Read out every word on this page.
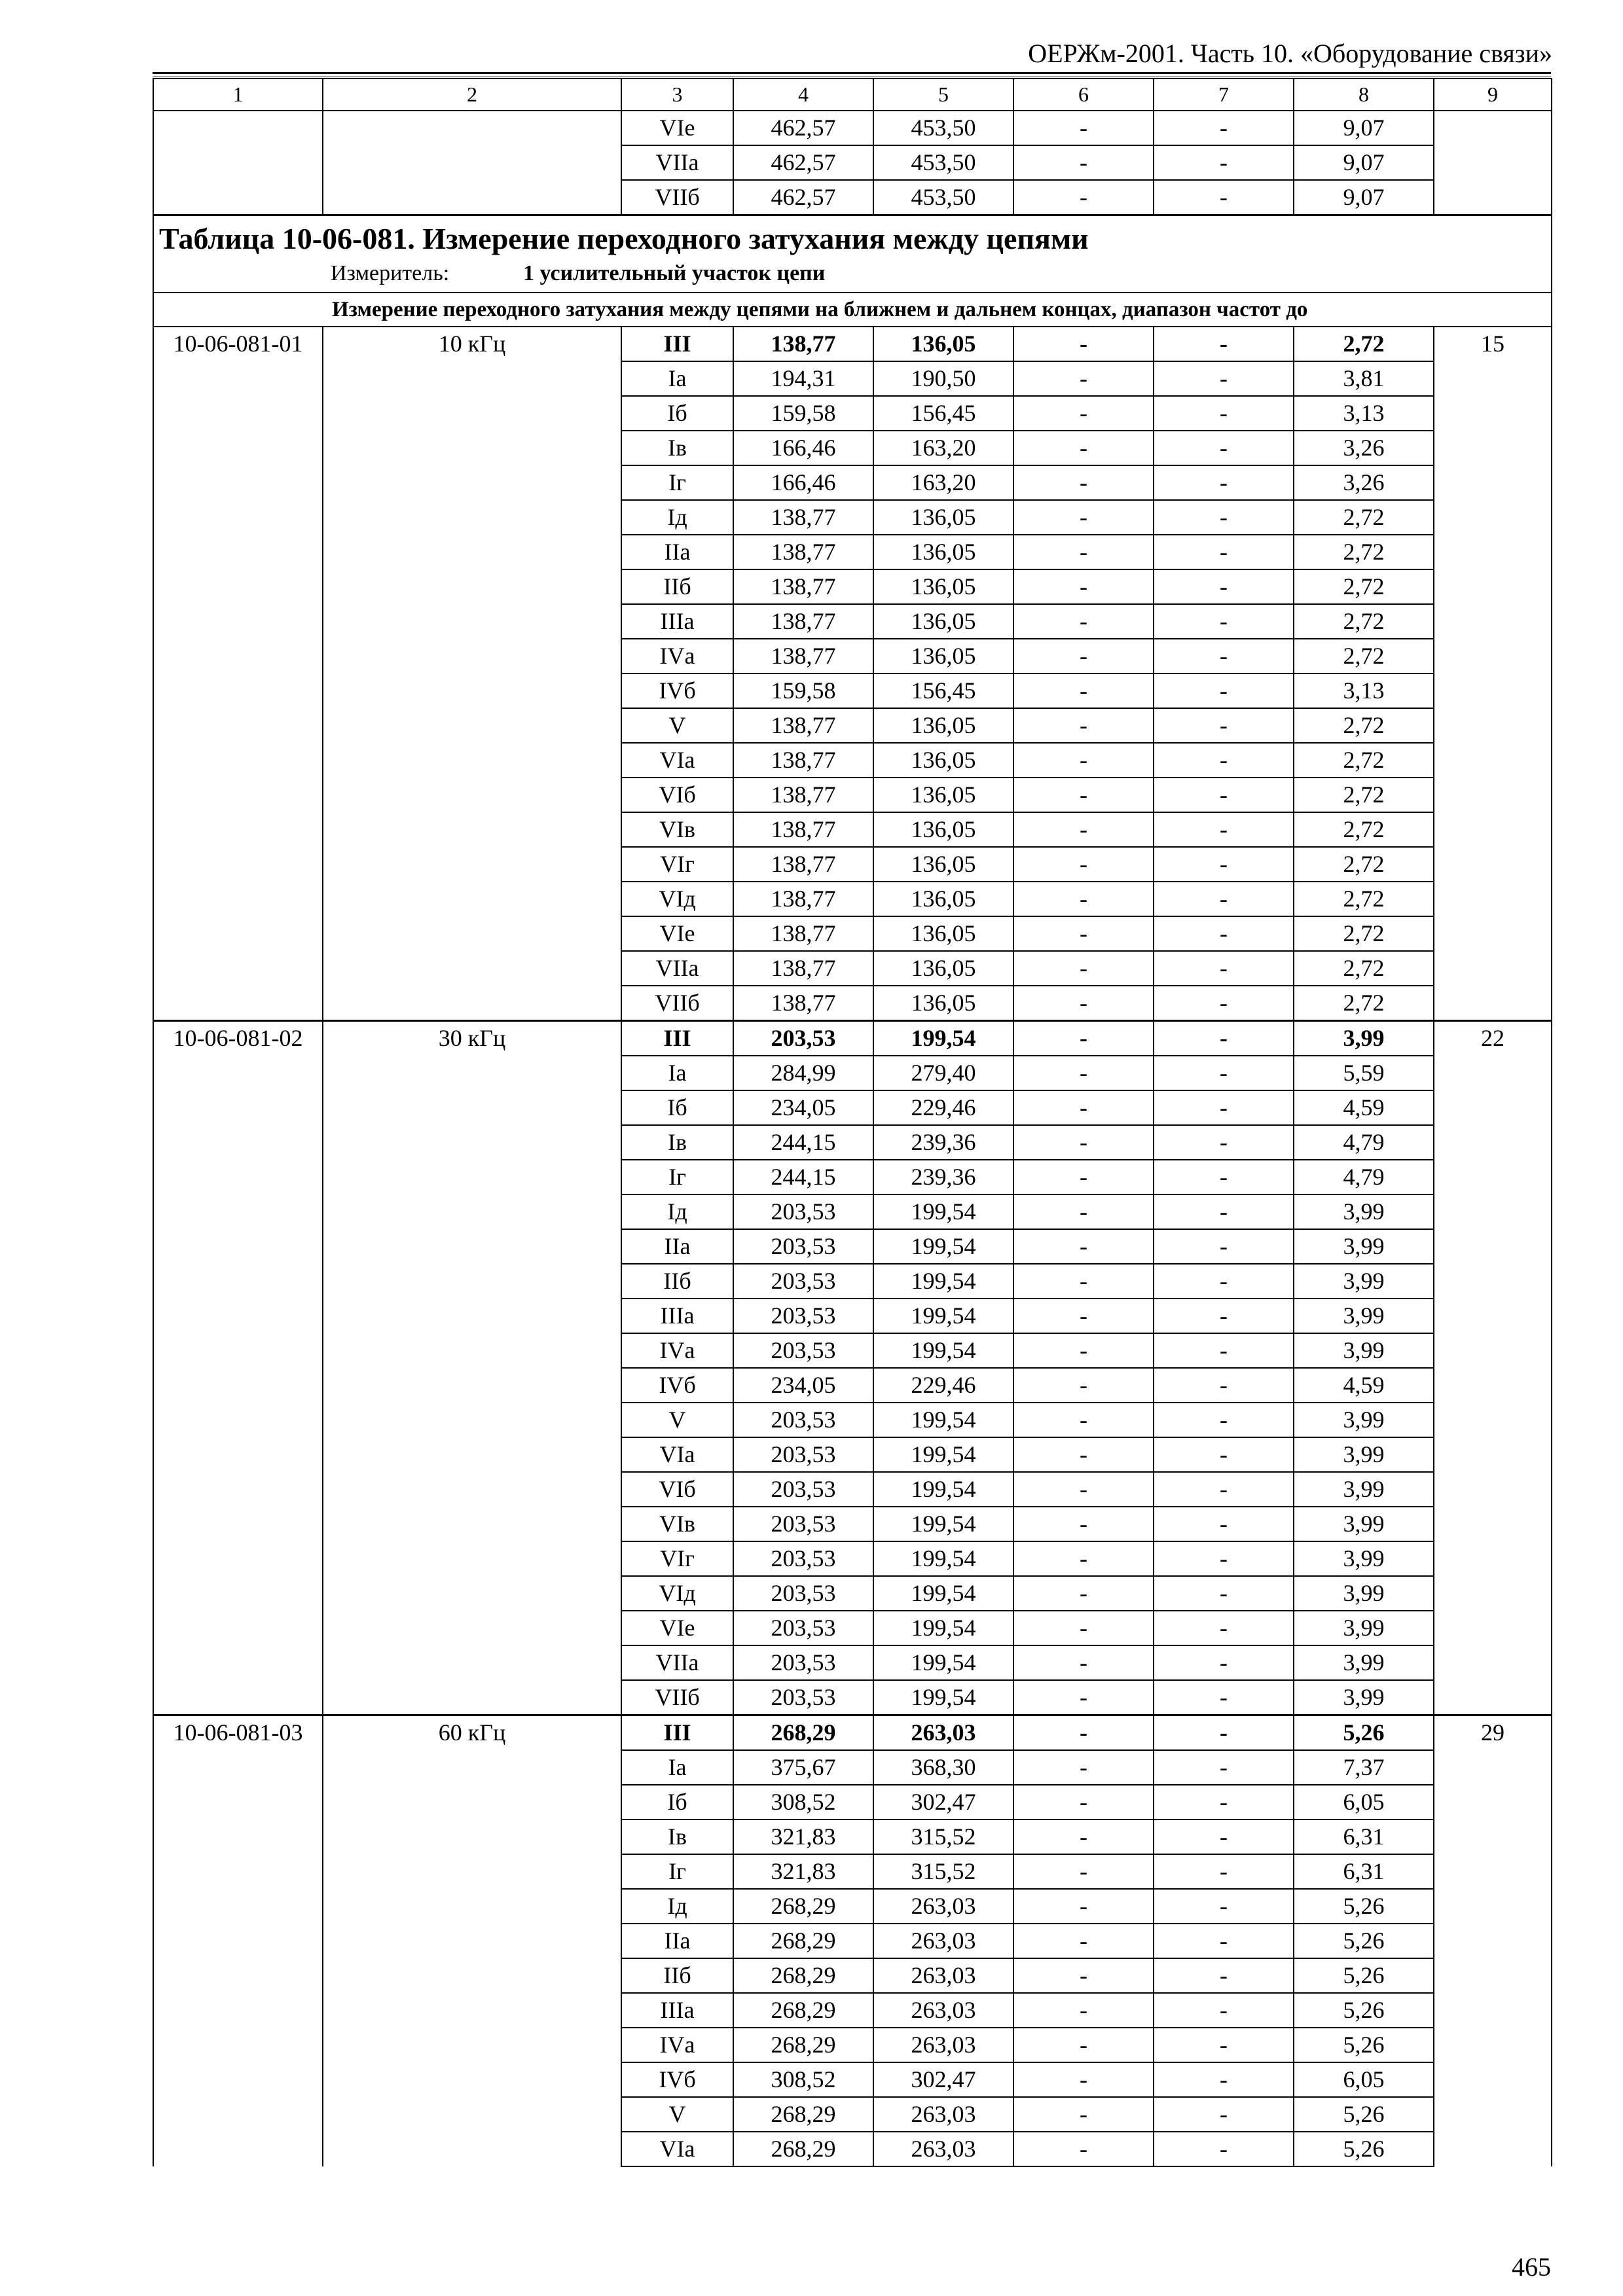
ОЕРЖм-2001. Часть 10. «Оборудование связи»
1	2	3	4	5	6	7	8	9
		VIе	462,57	453,50	-	-	9,07	
		VIIа	462,57	453,50	-	-	9,07	
		VIIб	462,57	453,50	-	-	9,07	

Таблица 10-06-081. Измерение переходного затухания между цепями
Измеритель: 1 усилительный участок цепи								

Измерение переходного затухания между цепями на ближнем и дальнем концах, диапазон частот до								
10-06-081-01	10 кГц	III	138,77	136,05	-	-	2,72	15
		Iа	194,31	190,50	-	-	3,81	
		Iб	159,58	156,45	-	-	3,13	
		Iв	166,46	163,20	-	-	3,26	
		Iг	166,46	163,20	-	-	3,26	
		Iд	138,77	136,05	-	-	2,72	
		IIа	138,77	136,05	-	-	2,72	
		IIб	138,77	136,05	-	-	2,72	
		IIIа	138,77	136,05	-	-	2,72	
		IVа	138,77	136,05	-	-	2,72	
		IVб	159,58	156,45	-	-	3,13	
		V	138,77	136,05	-	-	2,72	
		VIа	138,77	136,05	-	-	2,72	
		VIб	138,77	136,05	-	-	2,72	
		VIв	138,77	136,05	-	-	2,72	
		VIг	138,77	136,05	-	-	2,72	
		VIд	138,77	136,05	-	-	2,72	
		VIе	138,77	136,05	-	-	2,72	
		VIIа	138,77	136,05	-	-	2,72	
		VIIб	138,77	136,05	-	-	2,72	
10-06-081-02	30 кГц	III	203,53	199,54	-	-	3,99	22
		Iа	284,99	279,40	-	-	5,59	
		Iб	234,05	229,46	-	-	4,59	
		Iв	244,15	239,36	-	-	4,79	
		Iг	244,15	239,36	-	-	4,79	
		Iд	203,53	199,54	-	-	3,99	
		IIа	203,53	199,54	-	-	3,99	
		IIб	203,53	199,54	-	-	3,99	
		IIIа	203,53	199,54	-	-	3,99	
		IVа	203,53	199,54	-	-	3,99	
		IVб	234,05	229,46	-	-	4,59	
		V	203,53	199,54	-	-	3,99	
		VIа	203,53	199,54	-	-	3,99	
		VIб	203,53	199,54	-	-	3,99	
		VIв	203,53	199,54	-	-	3,99	
		VIг	203,53	199,54	-	-	3,99	
		VIд	203,53	199,54	-	-	3,99	
		VIе	203,53	199,54	-	-	3,99	
		VIIа	203,53	199,54	-	-	3,99	
		VIIб	203,53	199,54	-	-	3,99	
10-06-081-03	60 кГц	III	268,29	263,03	-	-	5,26	29
		Iа	375,67	368,30	-	-	7,37	
		Iб	308,52	302,47	-	-	6,05	
		Iв	321,83	315,52	-	-	6,31	
		Iг	321,83	315,52	-	-	6,31	
		Iд	268,29	263,03	-	-	5,26	
		IIа	268,29	263,03	-	-	5,26	
		IIб	268,29	263,03	-	-	5,26	
		IIIа	268,29	263,03	-	-	5,26	
		IVа	268,29	263,03	-	-	5,26	
		IVб	308,52	302,47	-	-	6,05	
		V	268,29	263,03	-	-	5,26	
		VIа	268,29	263,03	-	-	5,26	
465
